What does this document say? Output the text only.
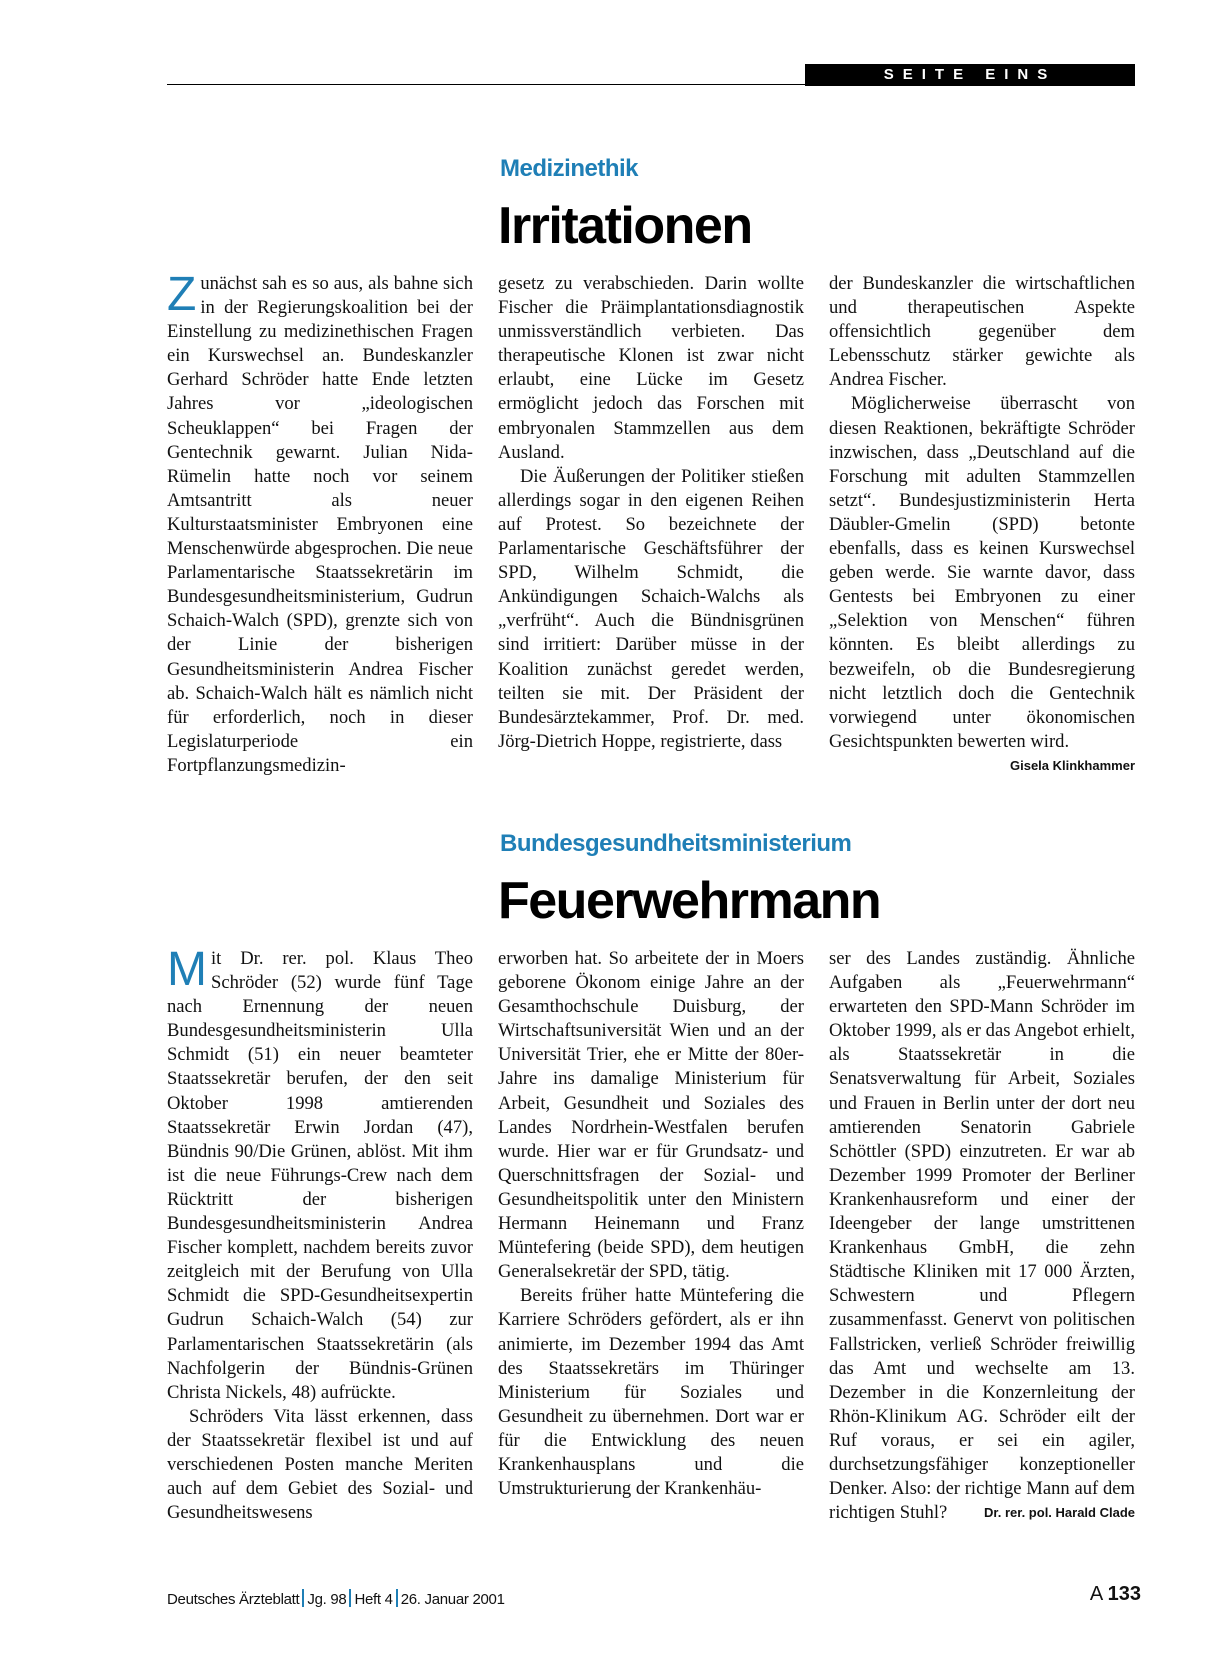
SEITE EINS
Medizinethik
Irritationen

Zunächst sah es so aus, als bahne sich in der Regierungskoalition bei der Einstellung zu medizinethischen Fragen ein Kurswechsel an. Bundeskanzler Gerhard Schröder hatte Ende letzten Jahres vor „ideologischen Scheuklappen“ bei Fragen der Gentechnik gewarnt. Julian Nida-Rümelin hatte noch vor seinem Amtsantritt als neuer Kulturstaatsminister Embryonen eine Menschenwürde abgesprochen. Die neue Parlamentarische Staatssekretärin im Bundesgesundheitsministerium, Gudrun Schaich-Walch (SPD), grenzte sich von der Linie der bisherigen Gesundheitsministerin Andrea Fischer ab. Schaich-Walch hält es nämlich nicht für erforderlich, noch in dieser Legislaturperiode ein Fortpflanzungsmedizin-

gesetz zu verabschieden. Darin wollte Fischer die Präimplantationsdiagnostik unmissverständlich verbieten. Das therapeutische Klonen ist zwar nicht erlaubt, eine Lücke im Gesetz ermöglicht jedoch das Forschen mit embryonalen Stammzellen aus dem Ausland.

Die Äußerungen der Politiker stießen allerdings sogar in den eigenen Reihen auf Protest. So bezeichnete der Parlamentarische Geschäftsführer der SPD, Wilhelm Schmidt, die Ankündigungen Schaich-Walchs als „verfrüht“. Auch die Bündnisgrünen sind irritiert: Darüber müsse in der Koalition zunächst geredet werden, teilten sie mit. Der Präsident der Bundesärztekammer, Prof. Dr. med. Jörg-Dietrich Hoppe, registrierte, dass

der Bundeskanzler die wirtschaftlichen und therapeutischen Aspekte offensichtlich gegenüber dem Lebensschutz stärker gewichte als Andrea Fischer.

Möglicherweise überrascht von diesen Reaktionen, bekräftigte Schröder inzwischen, dass „Deutschland auf die Forschung mit adulten Stammzellen setzt“. Bundesjustizministerin Herta Däubler-Gmelin (SPD) betonte ebenfalls, dass es keinen Kurswechsel geben werde. Sie warnte davor, dass Gentests bei Embryonen zu einer „Selektion von Menschen“ führen könnten. Es bleibt allerdings zu bezweifeln, ob die Bundesregierung nicht letztlich doch die Gentechnik vorwiegend unter ökonomischen Gesichtspunkten bewerten wird.
Gisela Klinkhammer

Bundesgesundheitsministerium
Feuerwehrmann

Mit Dr. rer. pol. Klaus Theo Schröder (52) wurde fünf Tage nach Ernennung der neuen Bundesgesundheitsministerin Ulla Schmidt (51) ein neuer beamteter Staatssekretär berufen, der den seit Oktober 1998 amtierenden Staatssekretär Erwin Jordan (47), Bündnis 90/Die Grünen, ablöst. Mit ihm ist die neue Führungs-Crew nach dem Rücktritt der bisherigen Bundesgesundheitsministerin Andrea Fischer komplett, nachdem bereits zuvor zeitgleich mit der Berufung von Ulla Schmidt die SPD-Gesundheitsexpertin Gudrun Schaich-Walch (54) zur Parlamentarischen Staatssekretärin (als Nachfolgerin der Bündnis-Grünen Christa Nickels, 48) aufrückte.

Schröders Vita lässt erkennen, dass der Staatssekretär flexibel ist und auf verschiedenen Posten manche Meriten auch auf dem Gebiet des Sozial- und Gesundheitswesens

erworben hat. So arbeitete der in Moers geborene Ökonom einige Jahre an der Gesamthochschule Duisburg, der Wirtschaftsuniversität Wien und an der Universität Trier, ehe er Mitte der 80er-Jahre ins damalige Ministerium für Arbeit, Gesundheit und Soziales des Landes Nordrhein-Westfalen berufen wurde. Hier war er für Grundsatz- und Querschnittsfragen der Sozial- und Gesundheitspolitik unter den Ministern Hermann Heinemann und Franz Müntefering (beide SPD), dem heutigen Generalsekretär der SPD, tätig.

Bereits früher hatte Müntefering die Karriere Schröders gefördert, als er ihn animierte, im Dezember 1994 das Amt des Staatssekretärs im Thüringer Ministerium für Soziales und Gesundheit zu übernehmen. Dort war er für die Entwicklung des neuen Krankenhausplans und die Umstrukturierung der Krankenhäu-

ser des Landes zuständig. Ähnliche Aufgaben als „Feuerwehrmann“ erwarteten den SPD-Mann Schröder im Oktober 1999, als er das Angebot erhielt, als Staatssekretär in die Senatsverwaltung für Arbeit, Soziales und Frauen in Berlin unter der dort neu amtierenden Senatorin Gabriele Schöttler (SPD) einzutreten. Er war ab Dezember 1999 Promoter der Berliner Krankenhausreform und einer der Ideengeber der lange umstrittenen Krankenhaus GmbH, die zehn Städtische Kliniken mit 17 000 Ärzten, Schwestern und Pflegern zusammenfasst. Genervt von politischen Fallstricken, verließ Schröder freiwillig das Amt und wechselte am 13. Dezember in die Konzernleitung der Rhön-Klinikum AG. Schröder eilt der Ruf voraus, er sei ein agiler, durchsetzungsfähiger konzeptioneller Denker. Also: der richtige Mann auf dem richtigen Stuhl?	Dr. rer. pol. Harald Clade

Deutsches Ärzteblatt Jg. 98 Heft 4 26. Januar 2001	A 133
